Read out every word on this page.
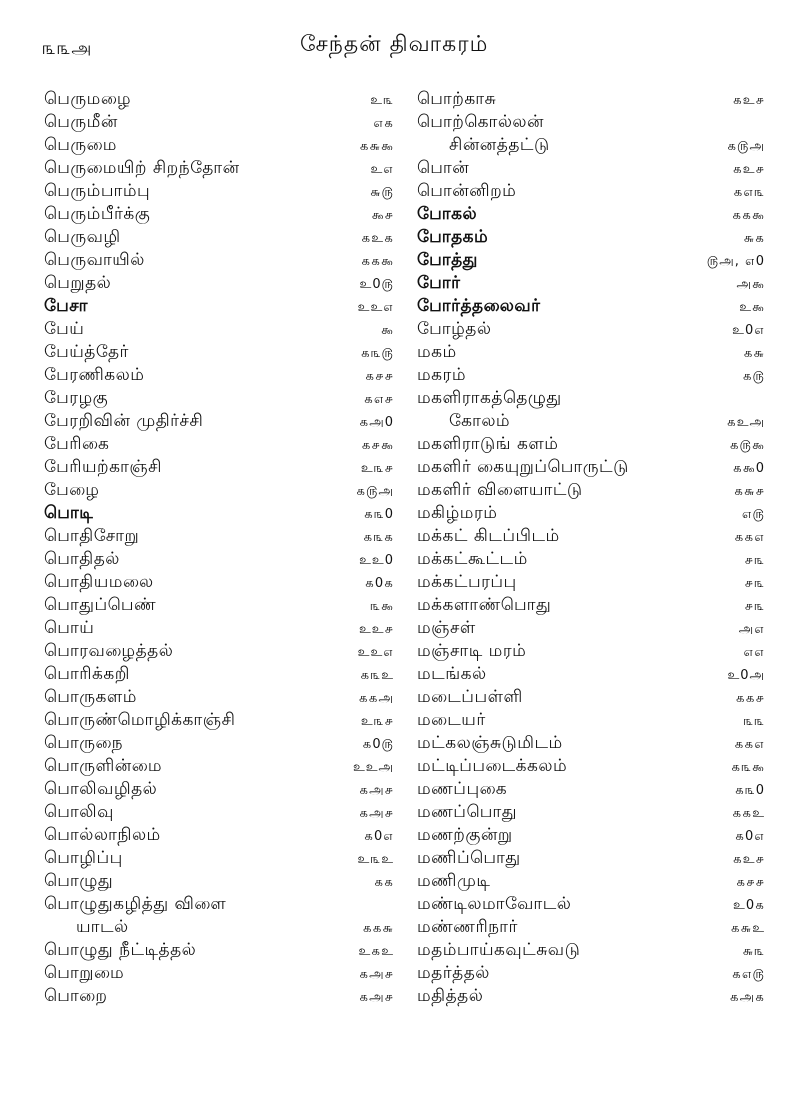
௩௩அ	சேந்தன் திவாகரம்
பெருமழை	உ௩
பெருமீன்	௭௧
பெருமை	௧௬௯
பெருமையிற் சிறந்தோன்	உ௭
பெரும்பாம்பு	௬௫
பெரும்பீர்க்கு	௯௪
பெருவழி	௧உ௧
பெருவாயில்	௧௧௯
பெறுதல்	உ0௫
பேசா	உஉ௭
பேய்	௯
பேய்த்தேர்	௧௩௫
பேரணிகலம்	௧௪௪
பேரழகு	௧௭௪
பேரறிவின் முதிர்ச்சி	௧அ0
பேரிகை	௧௪௯
பேரியற்காஞ்சி	உ௩௪
பேழை	௧௫அ
பொடி	௧௩0
பொதிசோறு	௧௩௧
பொதிதல்	உஉ0
பொதியமலை	௧0௧
பொதுப்பெண்	௩௯
பொய்	உஉ௪
பொரவழைத்தல்	உஉ௭
பொரிக்கறி	௧௩உ
பொருகளம்	௧௧அ
பொருண்மொழிக்காஞ்சி	உ௩௪
பொருநை	௧0௫
பொருளின்மை	உஉஅ
பொலிவழிதல்	௧அ௪
பொலிவு	௧அ௪
பொல்லாநிலம்	௧0௭
பொழிப்பு	உ௩உ
பொழுது	௧௧
பொழுதுகழித்து விளை
யாடல்	௧௧௬
பொழுது நீட்டித்தல்	உ௧உ
பொறுமை	௧அ௪
பொறை	௧அ௪
பொற்காசு	௧உ௪
பொற்கொல்லன்
சின்னத்தட்டு	௧௫அ
பொன்	௧உ௪
பொன்னிறம்	௧௭௩
போகல்	௧௧௯
போதகம்	௬௧
போத்து	௫அ, ௭0
போர்	அ௯
போர்த்தலைவர்	உ௯
போழ்தல்	உ0௭
மகம்	௧௬
மகரம்	௧௫
மகளிராகத்தெழுது
கோலம்	௧உஅ
மகளிராடுங் களம்	௧௫௯
மகளிர் கையுறுப்பொருட்டு	௧௯0
மகளிர் விளையாட்டு	௧௬௪
மகிழ்மரம்	௭௫
மக்கட் கிடப்பிடம்	௧௧௭
மக்கட்கூட்டம்	௪௩
மக்கட்பரப்பு	௪௩
மக்களாண்பொது	௪௩
மஞ்சள்	அ௭
மஞ்சாடி மரம்	௭௭
மடங்கல்	உ0அ
மடைப்பள்ளி	௧௧௪
மடையர்	௩௩
மட்கலஞ்சுடுமிடம்	௧௧௭
மட்டிப்படைக்கலம்	௧௩௯
மணப்புகை	௧௩0
மணப்பொது	௧௧உ
மணற்குன்று	௧0௭
மணிப்பொது	௧உ௪
மணிமுடி	௧௪௪
மண்டிலமாவோடல்	உ0௧
மண்ணரிநார்	௧௬உ
மதம்பாய்கவுட்சுவடு	௬௩
மதர்த்தல்	௧௭௫
மதித்தல்	௧அ௧
